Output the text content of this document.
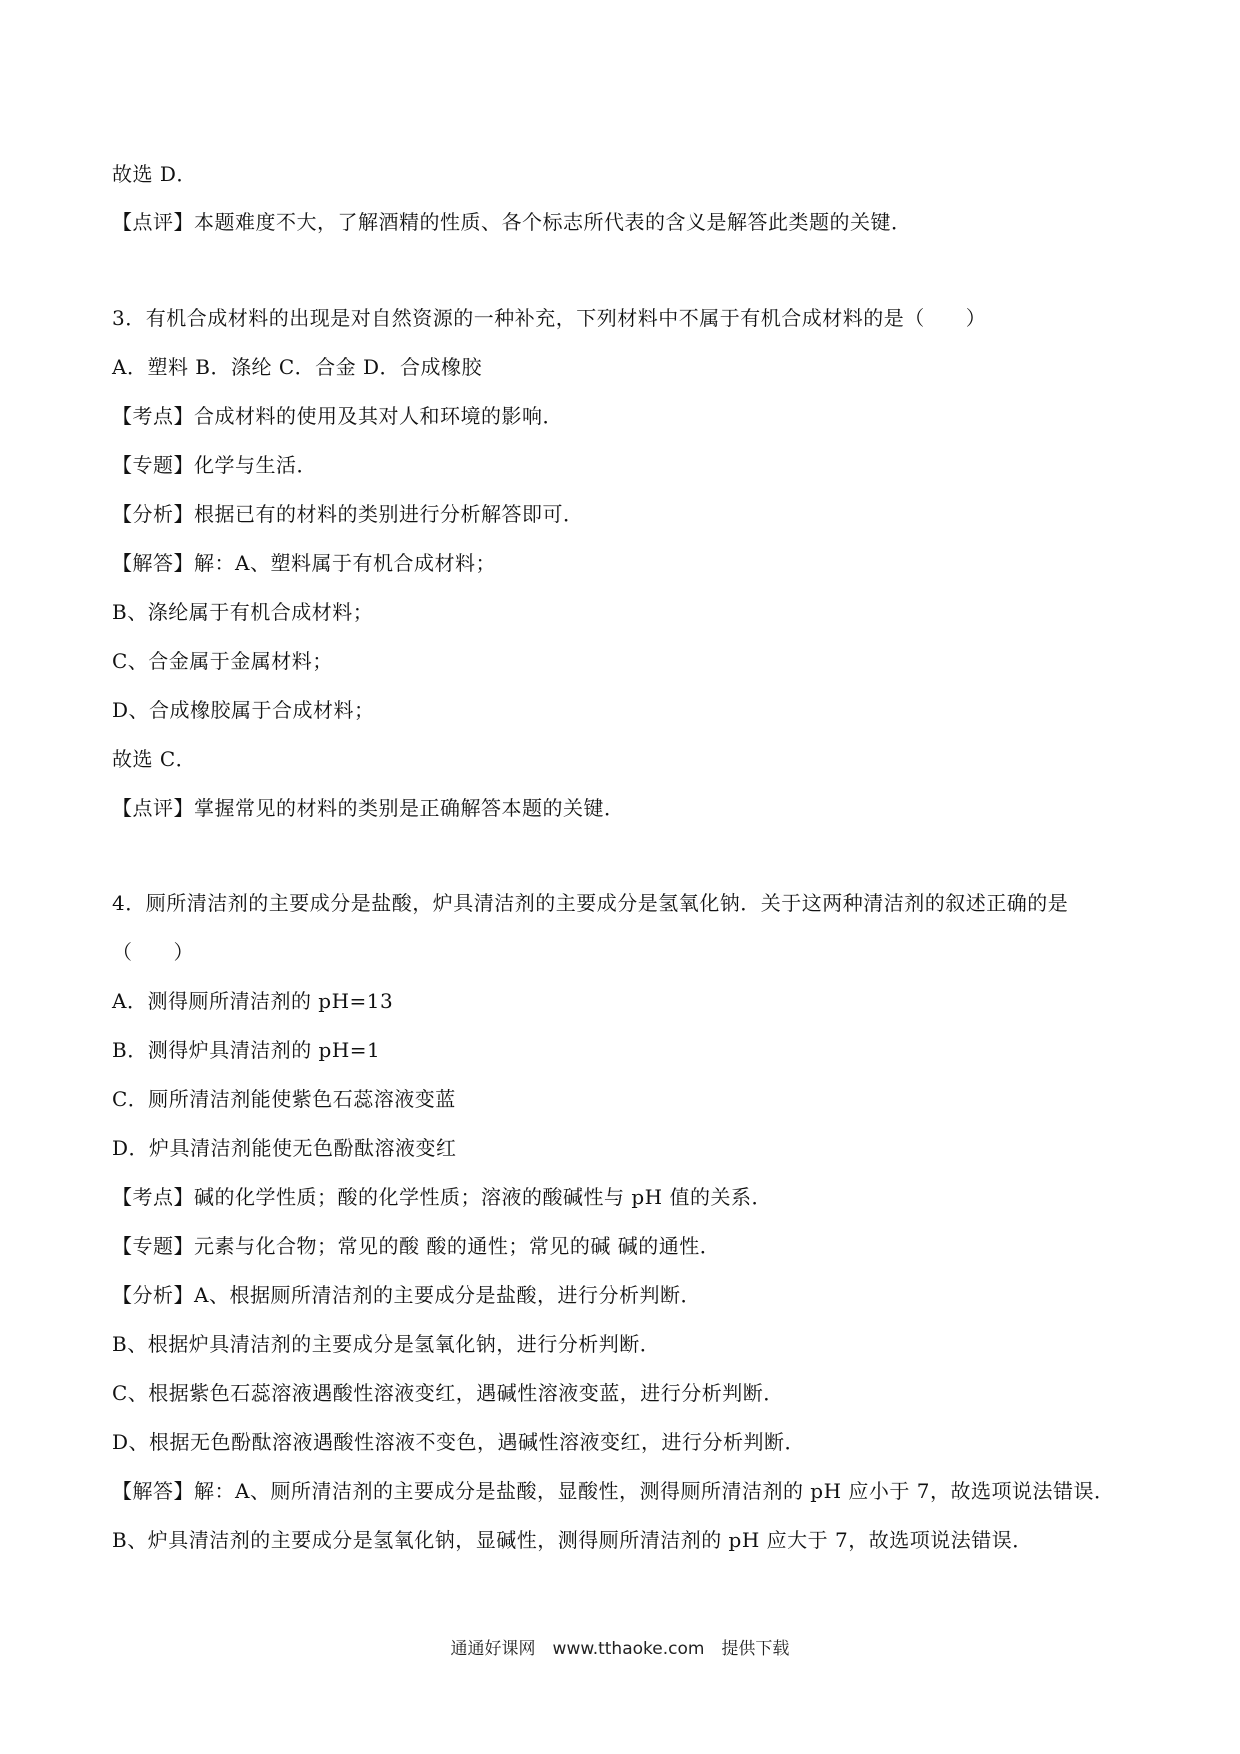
故选 D．
【点评】本题难度不大，了解酒精的性质、各个标志所代表的含义是解答此类题的关键．
3．有机合成材料的出现是对自然资源的一种补充，下列材料中不属于有机合成材料的是（　　）
A．塑料 B．涤纶 C．合金 D．合成橡胶
【考点】合成材料的使用及其对人和环境的影响．
【专题】化学与生活．
【分析】根据已有的材料的类别进行分析解答即可．
【解答】解：A、塑料属于有机合成材料；
B、涤纶属于有机合成材料；
C、合金属于金属材料；
D、合成橡胶属于合成材料；
故选 C．
【点评】掌握常见的材料的类别是正确解答本题的关键．
4．厕所清洁剂的主要成分是盐酸，炉具清洁剂的主要成分是氢氧化钠．关于这两种清洁剂的叙述正确的是
（　　）
A．测得厕所清洁剂的 pH=13
B．测得炉具清洁剂的 pH=1
C．厕所清洁剂能使紫色石蕊溶液变蓝
D．炉具清洁剂能使无色酚酞溶液变红
【考点】碱的化学性质；酸的化学性质；溶液的酸碱性与 pH 值的关系．
【专题】元素与化合物；常见的酸 酸的通性；常见的碱 碱的通性．
【分析】A、根据厕所清洁剂的主要成分是盐酸，进行分析判断．
B、根据炉具清洁剂的主要成分是氢氧化钠，进行分析判断．
C、根据紫色石蕊溶液遇酸性溶液变红，遇碱性溶液变蓝，进行分析判断．
D、根据无色酚酞溶液遇酸性溶液不变色，遇碱性溶液变红，进行分析判断．
【解答】解：A、厕所清洁剂的主要成分是盐酸，显酸性，测得厕所清洁剂的 pH 应小于 7，故选项说法错误．
B、炉具清洁剂的主要成分是氢氧化钠，显碱性，测得厕所清洁剂的 pH 应大于 7，故选项说法错误．
通通好课网　www.tthaoke.com　提供下载
